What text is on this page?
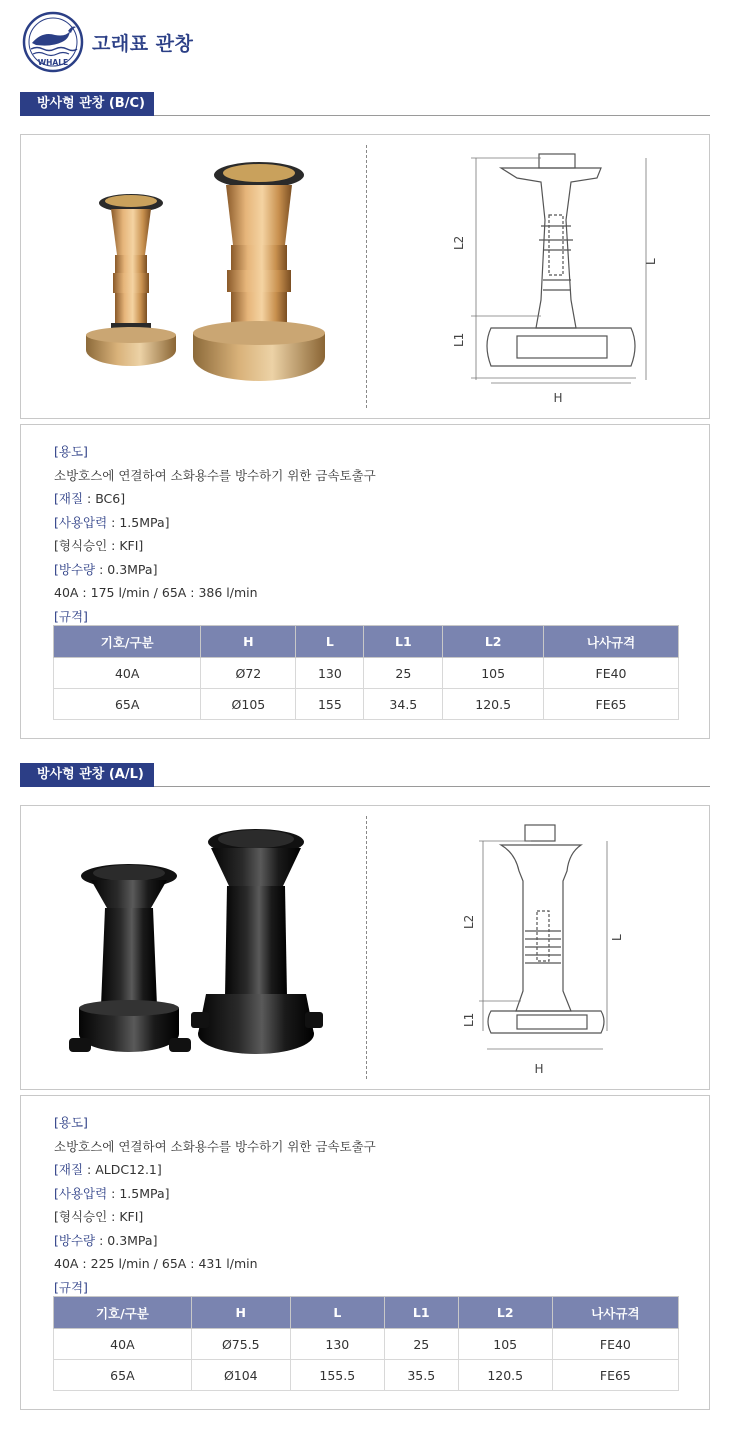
WHALE
고래표 관창
방사형 관창 (B/C)
L2
L1
L
H
[용도]
소방호스에 연결하여 소화용수를 방수하기 위한 금속토출구
[재질 : BC6]
[사용압력 : 1.5MPa]
[형식승인 : KFI]
[방수량 : 0.3MPa]
40A : 175 l/min / 65A : 386 l/min
[규격]
기호/구분	H	L	L1	L2	나사규격
40A	Ø72	130	25	105	FE40
65A	Ø105	155	34.5	120.5	FE65
방사형 관창 (A/L)
L2
L1
L
H
[용도]
소방호스에 연결하여 소화용수를 방수하기 위한 금속토출구
[재질 : ALDC12.1]
[사용압력 : 1.5MPa]
[형식승인 : KFI]
[방수량 : 0.3MPa]
40A : 225 l/min / 65A : 431 l/min
[규격]
기호/구분	H	L	L1	L2	나사규격
40A	Ø75.5	130	25	105	FE40
65A	Ø104	155.5	35.5	120.5	FE65
